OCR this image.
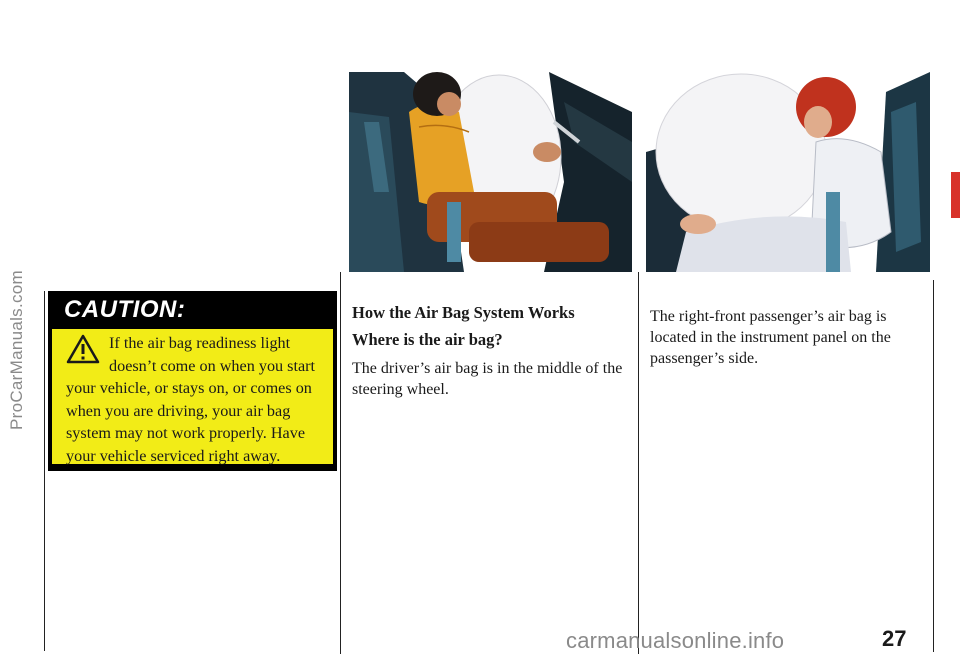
ProCarManuals.com	CAUTION:

If the air bag readiness light doesn’t come on when you start your vehicle, or stays on, or comes on when you are driving, your air bag system may not work properly. Have your vehicle serviced right away.

How the Air Bag System Works
Where is the air bag?

The driver’s air bag is in the middle of the steering wheel.

The right-front passenger’s air bag is located in the instrument panel on the passenger’s side.

27
carmanualsonline.info
